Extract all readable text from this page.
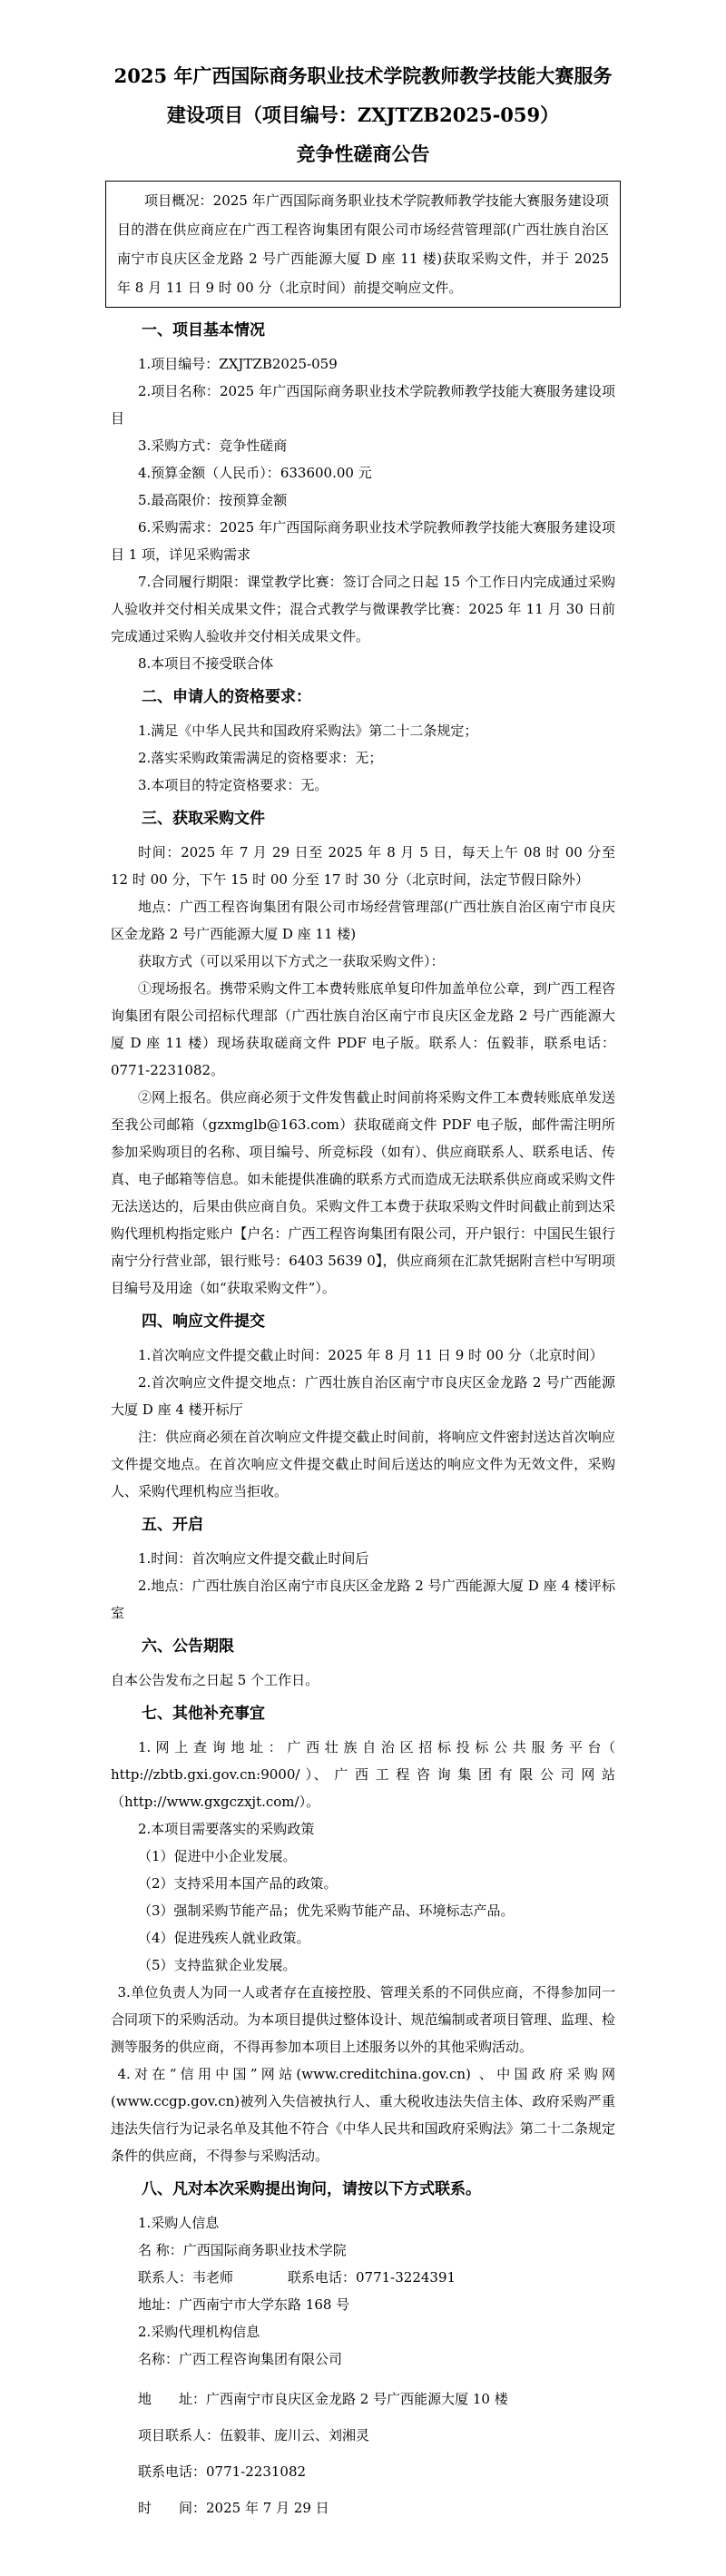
2025 年广西国际商务职业技术学院教师教学技能大赛服务
建设项目（项目编号：ZXJTZB2025-059）
竞争性磋商公告

项目概况：2025 年广西国际商务职业技术学院教师教学技能大赛服务建设项目的潜在供应商应在广西工程咨询集团有限公司市场经营管理部(广西壮族自治区南宁市良庆区金龙路 2 号广西能源大厦 D 座 11 楼)获取采购文件，并于 2025 年 8 月 11 日 9 时 00 分（北京时间）前提交响应文件。

一、项目基本情况

1.项目编号：ZXJTZB2025-059

2.项目名称：2025 年广西国际商务职业技术学院教师教学技能大赛服务建设项目

3.采购方式：竞争性磋商

4.预算金额（人民币）：633600.00 元

5.最高限价：按预算金额

6.采购需求：2025 年广西国际商务职业技术学院教师教学技能大赛服务建设项目 1 项，详见采购需求

7.合同履行期限：课堂教学比赛：签订合同之日起 15 个工作日内完成通过采购人验收并交付相关成果文件；混合式教学与微课教学比赛：2025 年 11 月 30 日前完成通过采购人验收并交付相关成果文件。

8.本项目不接受联合体

二、申请人的资格要求：

1.满足《中华人民共和国政府采购法》第二十二条规定；

2.落实采购政策需满足的资格要求：无；

3.本项目的特定资格要求：无。

三、获取采购文件

时间：2025 年 7 月 29 日至 2025 年 8 月 5 日，每天上午 08 时 00 分至 12 时 00 分，下午 15 时 00 分至 17 时 30 分（北京时间，法定节假日除外）

地点：广西工程咨询集团有限公司市场经营管理部(广西壮族自治区南宁市良庆区金龙路 2 号广西能源大厦 D 座 11 楼)

获取方式（可以采用以下方式之一获取采购文件）：

①现场报名。携带采购文件工本费转账底单复印件加盖单位公章，到广西工程咨询集团有限公司招标代理部（广西壮族自治区南宁市良庆区金龙路 2 号广西能源大厦 D 座 11 楼）现场获取磋商文件 PDF 电子版。联系人：伍毅菲，联系电话：0771-2231082。

②网上报名。供应商必须于文件发售截止时间前将采购文件工本费转账底单发送至我公司邮箱（gzxmglb@163.com）获取磋商文件 PDF 电子版，邮件需注明所参加采购项目的名称、项目编号、所竞标段（如有）、供应商联系人、联系电话、传真、电子邮箱等信息。如未能提供准确的联系方式而造成无法联系供应商或采购文件无法送达的，后果由供应商自负。采购文件工本费于获取采购文件时间截止前到达采购代理机构指定账户【户名：广西工程咨询集团有限公司，开户银行：中国民生银行南宁分行营业部，银行账号：6403 5639 0】，供应商须在汇款凭据附言栏中写明项目编号及用途（如“获取采购文件”）。

四、响应文件提交

1.首次响应文件提交截止时间：2025 年 8 月 11 日 9 时 00 分（北京时间）

2.首次响应文件提交地点：广西壮族自治区南宁市良庆区金龙路 2 号广西能源大厦 D 座 4 楼开标厅

注：供应商必须在首次响应文件提交截止时间前，将响应文件密封送达首次响应文件提交地点。在首次响应文件提交截止时间后送达的响应文件为无效文件，采购人、采购代理机构应当拒收。

五、开启

1.时间：首次响应文件提交截止时间后

2.地点：广西壮族自治区南宁市良庆区金龙路 2 号广西能源大厦 D 座 4 楼评标室

六、公告期限

自本公告发布之日起 5 个工作日。

七、其他补充事宜

1. 网 上 查 询 地 址 ： 广 西 壮 族 自 治 区 招 标 投 标 公 共 服 务 平 台（ http://zbtb.gxi.gov.cn:9000/ ）、 广 西 工 程 咨 询 集 团 有 限 公 司 网 站（http://www.gxgczxjt.com/）。

2.本项目需要落实的采购政策

（1）促进中小企业发展。

（2）支持采用本国产品的政策。

（3）强制采购节能产品；优先采购节能产品、环境标志产品。

（4）促进残疾人就业政策。

（5）支持监狱企业发展。

3.单位负责人为同一人或者存在直接控股、管理关系的不同供应商，不得参加同一合同项下的采购活动。为本项目提供过整体设计、规范编制或者项目管理、监理、检测等服务的供应商，不得再参加本项目上述服务以外的其他采购活动。

4.对在“信用中国”网站(www.creditchina.gov.cn) 、中国政府采购网(www.ccgp.gov.cn)被列入失信被执行人、重大税收违法失信主体、政府采购严重违法失信行为记录名单及其他不符合《中华人民共和国政府采购法》第二十二条规定条件的供应商，不得参与采购活动。

八、凡对本次采购提出询问，请按以下方式联系。

1.采购人信息

名 称：广西国际商务职业技术学院

联系人：韦老师　　　　联系电话：0771-3224391

地址：广西南宁市大学东路 168 号

2.采购代理机构信息

名称：广西工程咨询集团有限公司

地　　址：广西南宁市良庆区金龙路 2 号广西能源大厦 10 楼

项目联系人：伍毅菲、庞川云、刘湘灵

联系电话：0771-2231082

时　　间：2025 年 7 月 29 日
